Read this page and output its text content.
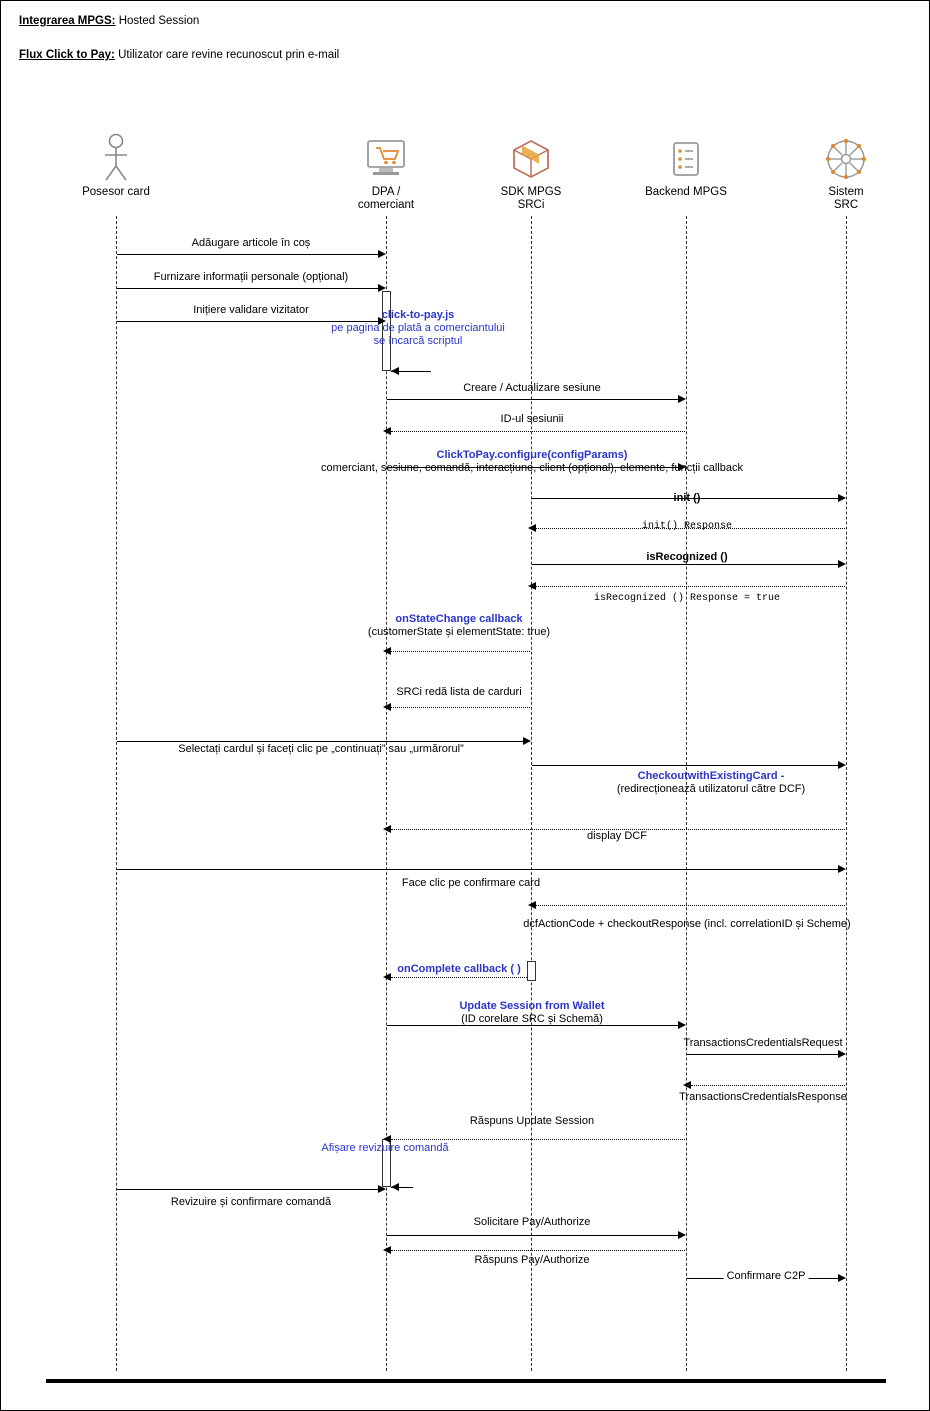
Integrarea MPGS: Hosted Session
Flux Click to Pay: Utilizator care revine recunoscut prin e-mail
Posesor card	DPA /
comerciant
SDK MPGS
SRCi
Backend MPGS	Sistem
SRC
Adăugare articole în coș
Furnizare informații personale (opțional)
Inițiere validare vizitator	click-to-pay.js
pe pagina de plată a comerciantului
se încarcă scriptul
Creare / Actualizare sesiune
ID-ul sesiunii
ClickToPay.configure(configParams)
comerciant, sesiune, comandă, interacțiune, client (opțional), elemente, funcții callback
init ()
init() Response
isRecognized ()
isRecognized () Response = true
onStateChange callback
(customerState și elementState: true)
SRCi redă lista de carduri
Selectați cardul și faceți clic pe „continuați” sau „urmărorul”
CheckoutwithExistingCard -
(redirecționează utilizatorul către DCF)
display DCF
Face clic pe confirmare card
dcfActionCode + checkoutResponse (incl. correlationID și Scheme)
onComplete callback ( )
Update Session from Wallet
(ID corelare SRC și Schemă)
TransactionsCredentialsRequest
TransactionsCredentialsResponse
Răspuns Update Session
Afișare revizuire comandă
Revizuire și confirmare comandă
Solicitare Pay/Authorize
Răspuns Pay/Authorize
Confirmare C2P
